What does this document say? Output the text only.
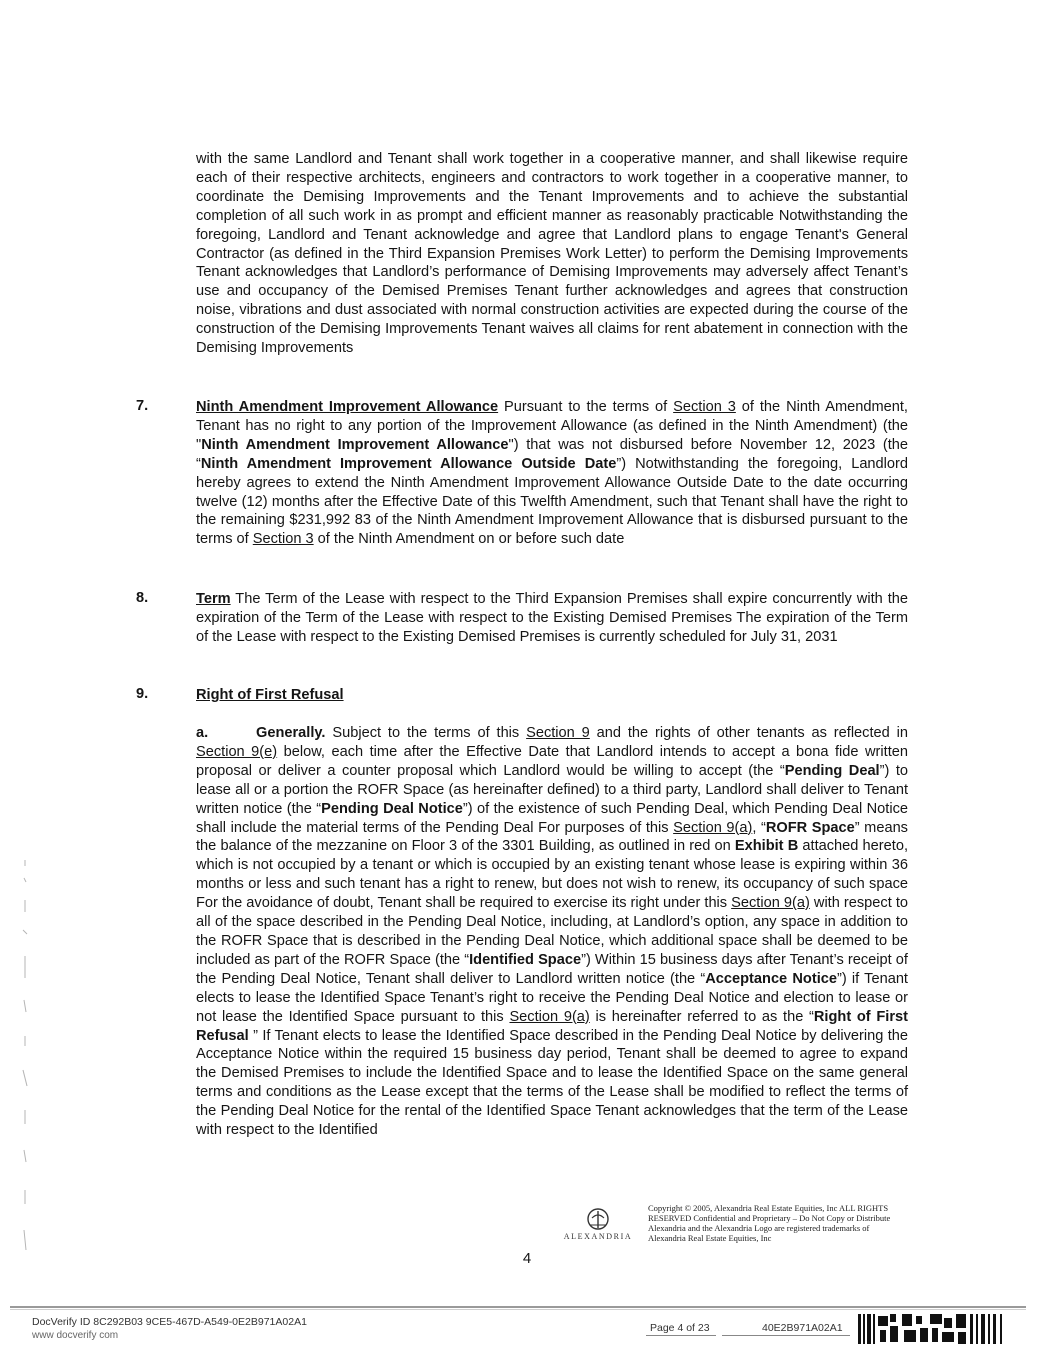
with the same Landlord and Tenant shall work together in a cooperative manner, and shall likewise require each of their respective architects, engineers and contractors to work together in a cooperative manner, to coordinate the Demising Improvements and the Tenant Improvements and to achieve the substantial completion of all such work in as prompt and efficient manner as reasonably practicable Notwithstanding the foregoing, Landlord and Tenant acknowledge and agree that Landlord plans to engage Tenant's General Contractor (as defined in the Third Expansion Premises Work Letter) to perform the Demising Improvements Tenant acknowledges that Landlord’s performance of Demising Improvements may adversely affect Tenant’s use and occupancy of the Demised Premises Tenant further acknowledges and agrees that construction noise, vibrations and dust associated with normal construction activities are expected during the course of the construction of the Demising Improvements Tenant waives all claims for rent abatement in connection with the Demising Improvements
7.	Ninth Amendment Improvement Allowance Pursuant to the terms of Section 3 of the Ninth Amendment, Tenant has no right to any portion of the Improvement Allowance (as defined in the Ninth Amendment) (the "Ninth Amendment Improvement Allowance") that was not disbursed before November 12, 2023 (the “Ninth Amendment Improvement Allowance Outside Date”) Notwithstanding the foregoing, Landlord hereby agrees to extend the Ninth Amendment Improvement Allowance Outside Date to the date occurring twelve (12) months after the Effective Date of this Twelfth Amendment, such that Tenant shall have the right to the remaining $231,992 83 of the Ninth Amendment Improvement Allowance that is disbursed pursuant to the terms of Section 3 of the Ninth Amendment on or before such date
8.	Term The Term of the Lease with respect to the Third Expansion Premises shall expire concurrently with the expiration of the Term of the Lease with respect to the Existing Demised Premises The expiration of the Term of the Lease with respect to the Existing Demised Premises is currently scheduled for July 31, 2031
9.	Right of First Refusal
a.	Generally. Subject to the terms of this Section 9 and the rights of other tenants as reflected in Section 9(e) below, each time after the Effective Date that Landlord intends to accept a bona fide written proposal or deliver a counter proposal which Landlord would be willing to accept (the “Pending Deal”) to lease all or a portion the ROFR Space (as hereinafter defined) to a third party, Landlord shall deliver to Tenant written notice (the “Pending Deal Notice”) of the existence of such Pending Deal, which Pending Deal Notice shall include the material terms of the Pending Deal For purposes of this Section 9(a), “ROFR Space” means the balance of the mezzanine on Floor 3 of the 3301 Building, as outlined in red on Exhibit B attached hereto, which is not occupied by a tenant or which is occupied by an existing tenant whose lease is expiring within 36 months or less and such tenant has a right to renew, but does not wish to renew, its occupancy of such space For the avoidance of doubt, Tenant shall be required to exercise its right under this Section 9(a) with respect to all of the space described in the Pending Deal Notice, including, at Landlord’s option, any space in addition to the ROFR Space that is described in the Pending Deal Notice, which additional space shall be deemed to be included as part of the ROFR Space (the “Identified Space”) Within 15 business days after Tenant’s receipt of the Pending Deal Notice, Tenant shall deliver to Landlord written notice (the “Acceptance Notice”) if Tenant elects to lease the Identified Space Tenant’s right to receive the Pending Deal Notice and election to lease or not lease the Identified Space pursuant to this Section 9(a) is hereinafter referred to as the “Right of First Refusal ” If Tenant elects to lease the Identified Space described in the Pending Deal Notice by delivering the Acceptance Notice within the required 15 business day period, Tenant shall be deemed to agree to expand the Demised Premises to include the Identified Space and to lease the Identified Space on the same general terms and conditions as the Lease except that the terms of the Lease shall be modified to reflect the terms of the Pending Deal Notice for the rental of the Identified Space Tenant acknowledges that the term of the Lease with respect to the Identified
ALEXANDRIA
Copyright © 2005, Alexandria Real Estate Equities, Inc ALL RIGHTS RESERVED Confidential and Proprietary – Do Not Copy or Distribute Alexandria and the Alexandria Logo are registered trademarks of Alexandria Real Estate Equities, Inc
4
DocVerify ID 8C292B03 9CE5-467D-A549-0E2B971A02A1
www docverify com
Page 4 of 23	40E2B971A02A1
